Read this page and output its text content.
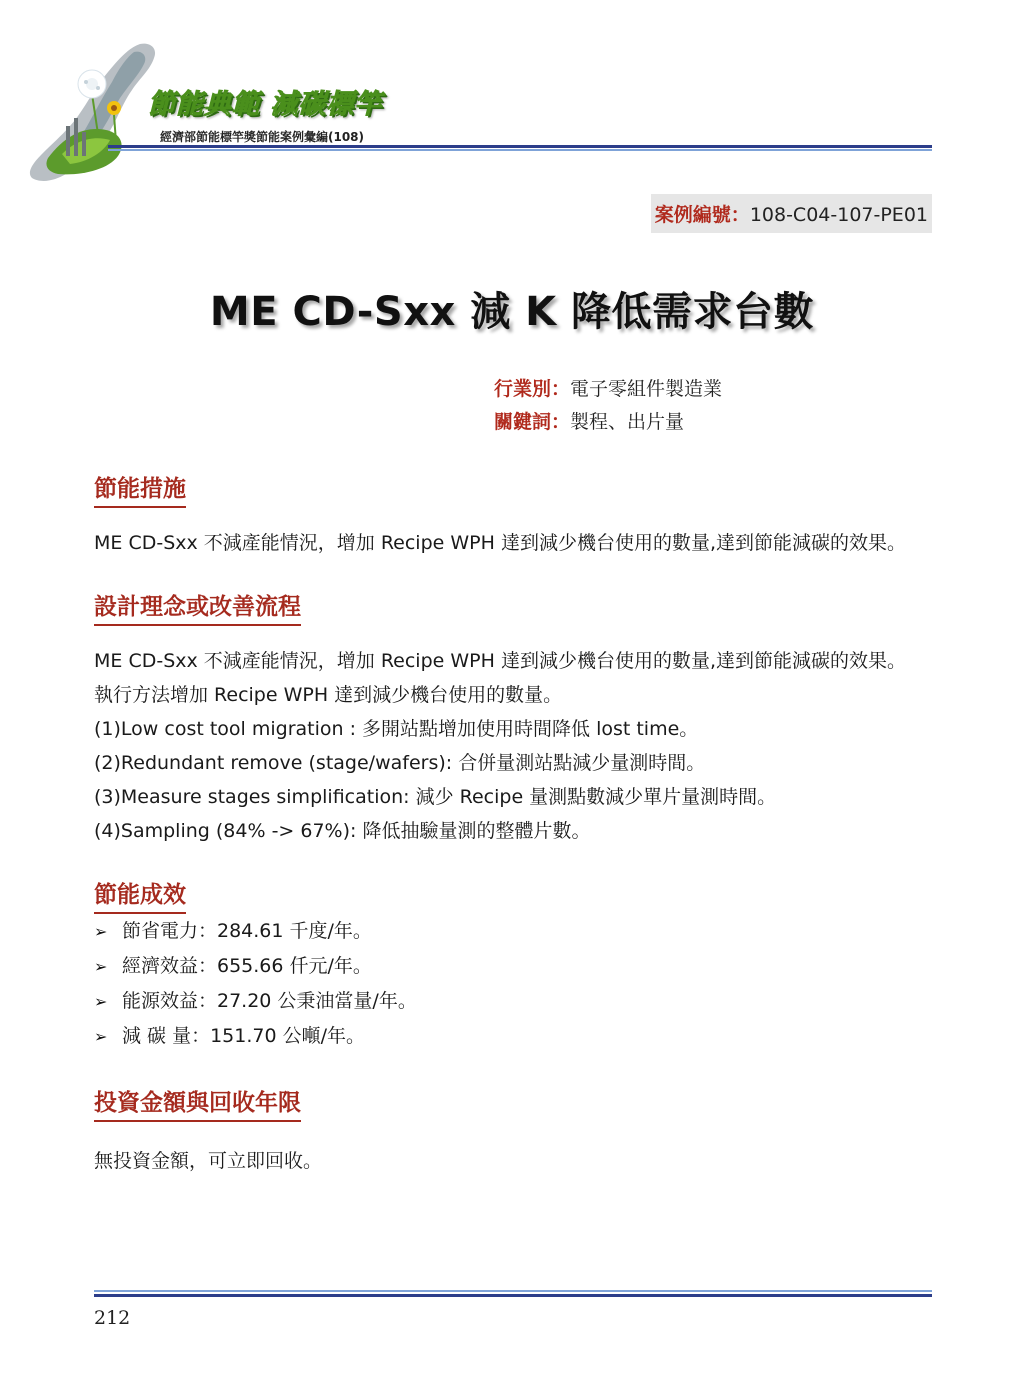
節能典範 減碳標竿
經濟部節能標竿獎節能案例彙編(108)
案例編號：108-C04-107-PE01
ME CD-Sxx 減 K 降低需求台數
行業別：電子零組件製造業
關鍵詞：製程、出片量
節能措施

ME CD-Sxx 不減產能情況，增加 Recipe WPH 達到減少機台使用的數量,達到節能減碳的效果。

設計理念或改善流程

ME CD-Sxx 不減產能情況，增加 Recipe WPH 達到減少機台使用的數量,達到節能減碳的效果。

執行方法增加 Recipe WPH 達到減少機台使用的數量。

(1)Low cost tool migration : 多開站點增加使用時間降低 lost time。

(2)Redundant remove (stage/wafers): 合併量測站點減少量測時間。

(3)Measure stages simplification: 減少 Recipe 量測點數減少單片量測時間。

(4)Sampling (84% -> 67%): 降低抽驗量測的整體片數。

節能成效
➢ 節省電力：284.61 千度/年。
➢ 經濟效益：655.66 仟元/年。
➢ 能源效益：27.20 公秉油當量/年。
➢ 減 碳 量：151.70 公噸/年。
投資金額與回收年限

無投資金額，可立即回收。

212
